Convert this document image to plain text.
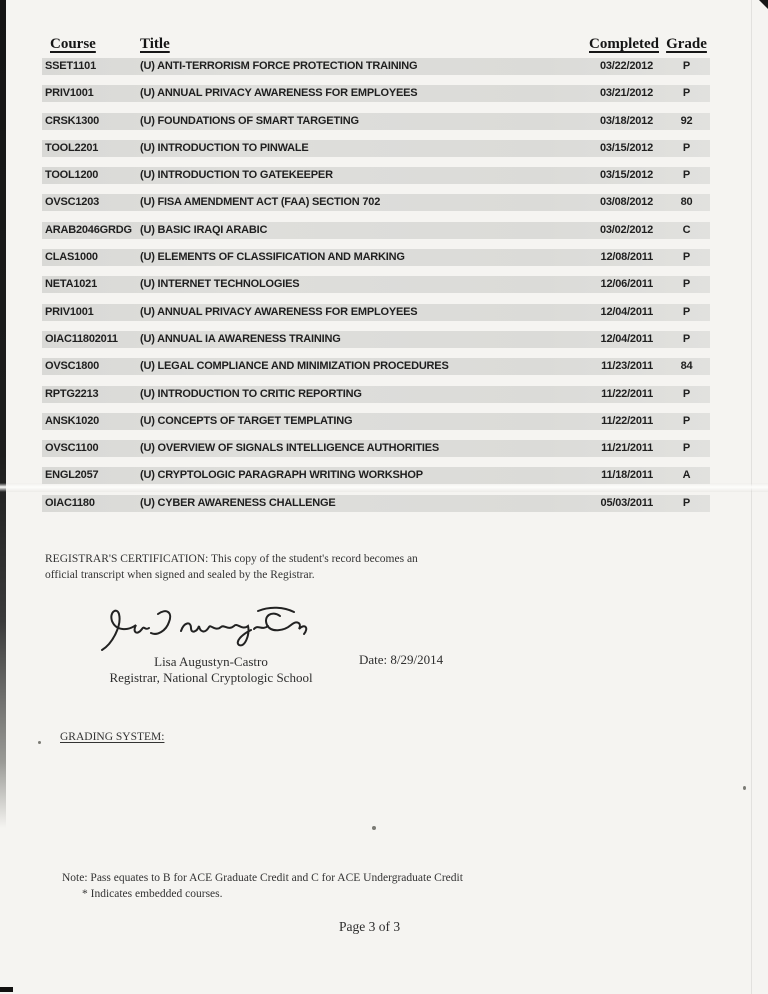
Course	Title	Completed Grade
SSET1101	(U) ANTI-TERRORISM FORCE PROTECTION TRAINING	03/22/2012	P
PRIV1001	(U) ANNUAL PRIVACY AWARENESS FOR EMPLOYEES	03/21/2012	P
CRSK1300	(U) FOUNDATIONS OF SMART TARGETING	03/18/2012	92
TOOL2201	(U) INTRODUCTION TO PINWALE	03/15/2012	P
TOOL1200	(U) INTRODUCTION TO GATEKEEPER	03/15/2012	P
OVSC1203	(U) FISA AMENDMENT ACT (FAA) SECTION 702	03/08/2012	80
ARAB2046GRDG (U) BASIC IRAQI ARABIC	03/02/2012	C
CLAS1000	(U) ELEMENTS OF CLASSIFICATION AND MARKING	12/08/2011	P
NETA1021	(U) INTERNET TECHNOLOGIES	12/06/2011	P
PRIV1001	(U) ANNUAL PRIVACY AWARENESS FOR EMPLOYEES	12/04/2011	P
OIAC11802011	(U) ANNUAL IA AWARENESS TRAINING	12/04/2011	P
OVSC1800	(U) LEGAL COMPLIANCE AND MINIMIZATION PROCEDURES	11/23/2011	84
RPTG2213	(U) INTRODUCTION TO CRITIC REPORTING	11/22/2011	P
ANSK1020	(U) CONCEPTS OF TARGET TEMPLATING	11/22/2011	P
OVSC1100	(U) OVERVIEW OF SIGNALS INTELLIGENCE AUTHORITIES	11/21/2011	P
ENGL2057	(U) CRYPTOLOGIC PARAGRAPH WRITING WORKSHOP	11/18/2011	A
OIAC1180	(U) CYBER AWARENESS CHALLENGE	05/03/2011	P
REGISTRAR'S CERTIFICATION: This copy of the student's record becomes an
official transcript when signed and sealed by the Registrar.
Lisa Augustyn-Castro
Registrar, National Cryptologic School
Date: 8/29/2014
GRADING SYSTEM:
Note: Pass equates to B for ACE Graduate Credit and C for ACE Undergraduate Credit
* Indicates embedded courses.
Page 3 of 3
